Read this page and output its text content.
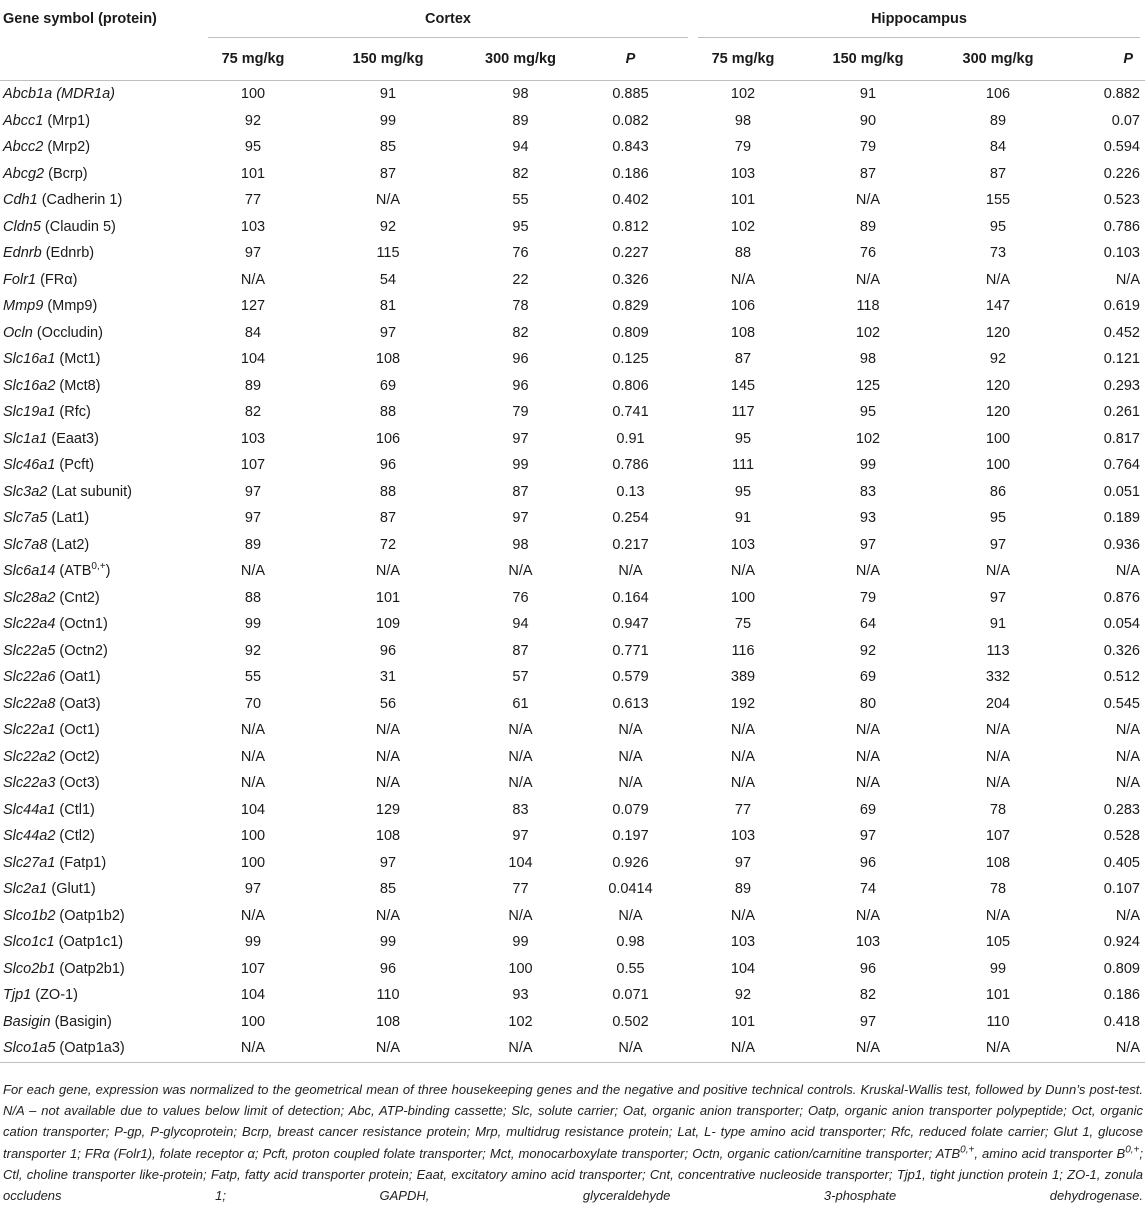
Gene symbol (protein)	Cortex				Hippocampus			

	75 mg/kg	150 mg/kg	300 mg/kg	P	75 mg/kg	150 mg/kg	300 mg/kg	P
Abcb1a (MDR1a)	100	91	98	0.885	102	91	106	0.882
Abcc1 (Mrp1)	92	99	89	0.082	98	90	89	0.07
Abcc2 (Mrp2)	95	85	94	0.843	79	79	84	0.594
Abcg2 (Bcrp)	101	87	82	0.186	103	87	87	0.226
Cdh1 (Cadherin 1)	77	N/A	55	0.402	101	N/A	155	0.523
Cldn5 (Claudin 5)	103	92	95	0.812	102	89	95	0.786
Ednrb (Ednrb)	97	115	76	0.227	88	76	73	0.103
Folr1 (FRα)	N/A	54	22	0.326	N/A	N/A	N/A	N/A
Mmp9 (Mmp9)	127	81	78	0.829	106	118	147	0.619
Ocln (Occludin)	84	97	82	0.809	108	102	120	0.452
Slc16a1 (Mct1)	104	108	96	0.125	87	98	92	0.121
Slc16a2 (Mct8)	89	69	96	0.806	145	125	120	0.293
Slc19a1 (Rfc)	82	88	79	0.741	117	95	120	0.261
Slc1a1 (Eaat3)	103	106	97	0.91	95	102	100	0.817
Slc46a1 (Pcft)	107	96	99	0.786	111	99	100	0.764
Slc3a2 (Lat subunit)	97	88	87	0.13	95	83	86	0.051
Slc7a5 (Lat1)	97	87	97	0.254	91	93	95	0.189
Slc7a8 (Lat2)	89	72	98	0.217	103	97	97	0.936
Slc6a14 $(ATB^{0,+})$	N/A	N/A	N/A	N/A	N/A	N/A	N/A	N/A
Slc28a2 (Cnt2)	88	101	76	0.164	100	79	97	0.876
Slc22a4 (Octn1)	99	109	94	0.947	75	64	91	0.054
Slc22a5 (Octn2)	92	96	87	0.771	116	92	113	0.326
Slc22a6 (Oat1)	55	31	57	0.579	389	69	332	0.512
Slc22a8 (Oat3)	70	56	61	0.613	192	80	204	0.545
Slc22a1 (Oct1)	N/A	N/A	N/A	N/A	N/A	N/A	N/A	N/A
Slc22a2 (Oct2)	N/A	N/A	N/A	N/A	N/A	N/A	N/A	N/A
Slc22a3 (Oct3)	N/A	N/A	N/A	N/A	N/A	N/A	N/A	N/A
Slc44a1 (Ctl1)	104	129	83	0.079	77	69	78	0.283
Slc44a2 (Ctl2)	100	108	97	0.197	103	97	107	0.528
Slc27a1 (Fatp1)	100	97	104	0.926	97	96	108	0.405
Slc2a1 (Glut1)	97	85	77	0.0414	89	74	78	0.107
Slco1b2 (Oatp1b2)	N/A	N/A	N/A	N/A	N/A	N/A	N/A	N/A
Slco1c1 (Oatp1c1)	99	99	99	0.98	103	103	105	0.924
Slco2b1 (Oatp2b1)	107	96	100	0.55	104	96	99	0.809
Tjp1 (ZO-1)	104	110	93	0.071	92	82	101	0.186
Basigin (Basigin)	100	108	102	0.502	101	97	110	0.418
Slco1a5 (Oatp1a3)	N/A	N/A	N/A	N/A	N/A	N/A	N/A	N/A
For each gene, expression was normalized to the geometrical mean of three housekeeping genes and the negative and positive technical controls. Kruskal-Wallis test, followed by Dunn’s post-test. N/A – not available due to values below limit of detection; Abc, ATP-binding cassette; Slc, solute carrier; Oat, organic anion transporter; Oatp, organic anion transporter polypeptide; Oct, organic cation transporter; P-gp, P-glycoprotein; Bcrp, breast cancer resistance protein; Mrp, multidrug resistance protein; Lat, L- type amino acid transporter; Rfc, reduced folate carrier; Glut 1, glucose transporter 1; FRα (Folr1), folate receptor α; Pcft, proton coupled folate transporter; Mct, monocarboxylate transporter; Octn, organic cation/carnitine transporter; $ATB^{0,+}$, amino acid transporter $B^{0,+}$; Ctl, choline transporter like-protein; Fatp, fatty acid transporter protein; Eaat, excitatory amino acid transporter; Cnt, concentrative nucleoside transporter; Tjp1, tight junction protein 1; ZO-1, zonula occludens 1; GAPDH, glyceraldehyde 3-phosphate dehydrogenase.
